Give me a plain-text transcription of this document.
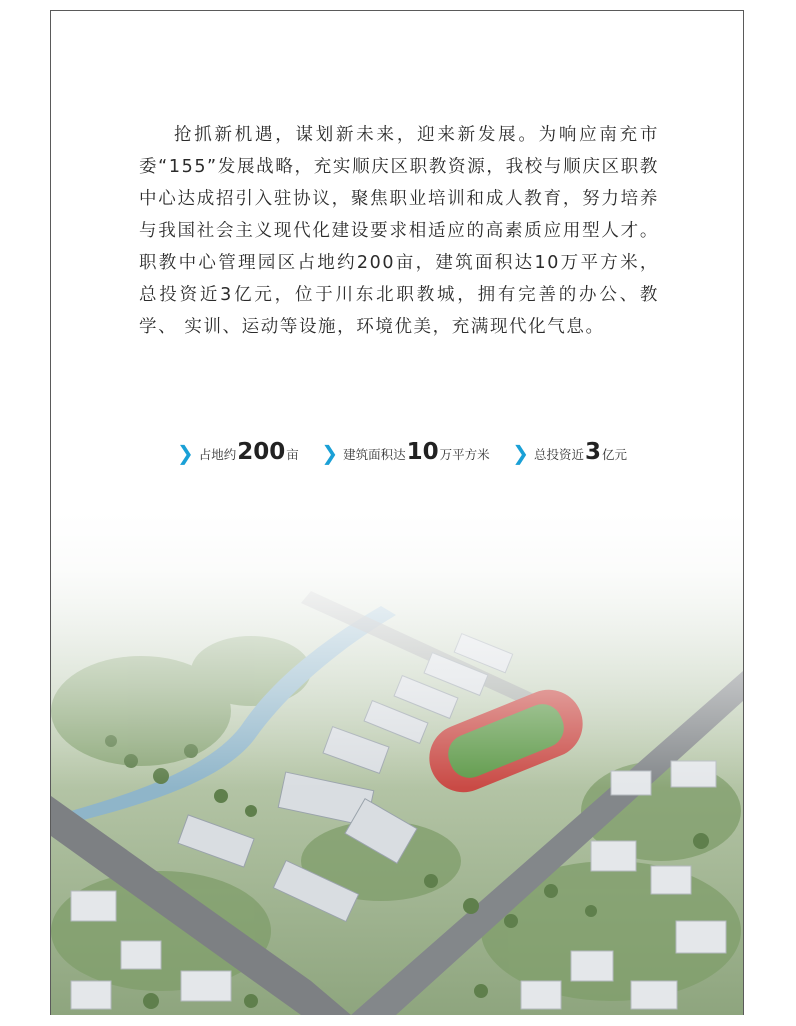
抢抓新机遇，谋划新未来，迎来新发展。为响应南充市委“155”发展战略，充实顺庆区职教资源，我校与顺庆区职教中心达成招引入驻协议，聚焦职业培训和成人教育，努力培养与我国社会主义现代化建设要求相适应的高素质应用型人才。职教中心管理园区占地约200亩，建筑面积达10万平方米，总投资近3亿元，位于川东北职教城，拥有完善的办公、教学、 实训、运动等设施，环境优美，充满现代化气息。

❯ 占地约 200 亩 ❯ 建筑面积达 10 万平方米 ❯ 总投资近 3 亿元
